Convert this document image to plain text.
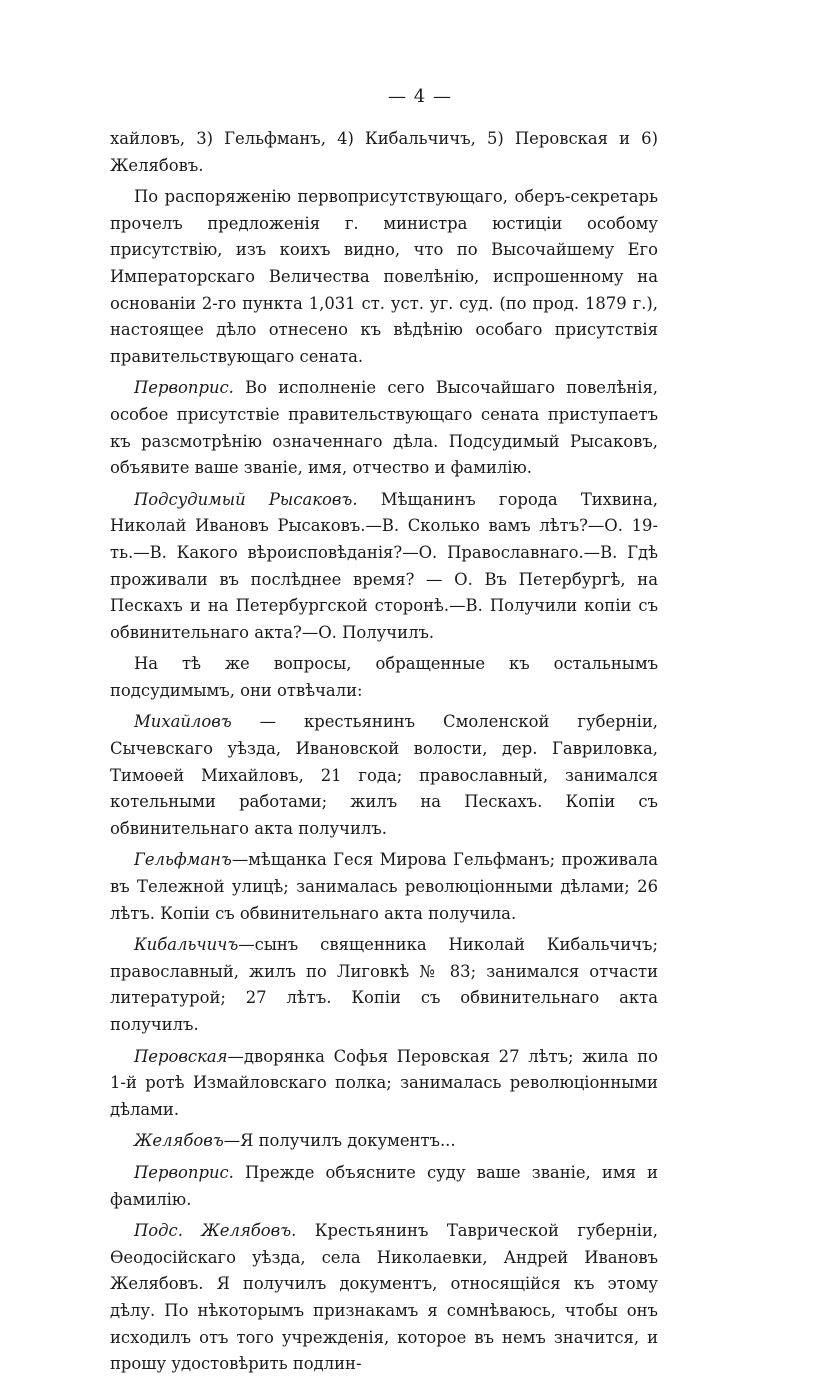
— 4 —

хайловъ, 3) Гельфманъ, 4) Кибальчичъ, 5) Перовская и 6) Желябовъ.

По распоряженію первоприсутствующаго, оберъ-секретарь прочелъ предложенія г. министра юстиціи особому присутствію, изъ коихъ видно, что по Высочайшему Его Императорскаго Величества повелѣнію, испрошенному на основаніи 2-го пункта 1,031 ст. уст. уг. суд. (по прод. 1879 г.), настоящее дѣло отнесено къ вѣдѣнію особаго присутствія правительствующаго сената.

Первоприс. Во исполненіе сего Высочайшаго повелѣнія, особое присутствіе правительствующаго сената приступаетъ къ разсмотрѣнію означеннаго дѣла. Подсудимый Рысаковъ, объявите ваше званіе, имя, отчество и фамилію.

Подсудимый Рысаковъ. Мѣщанинъ города Тихвина, Николай Ивановъ Рысаковъ.—В. Сколько вамъ лѣтъ?—О. 19-ть.—В. Какого вѣроисповѣданія?—О. Православнаго.—В. Гдѣ проживали въ послѣднее время? — О. Въ Петербургѣ, на Пескахъ и на Петербургской сторонѣ.—В. Получили копіи съ обвинительнаго акта?—О. Получилъ.

На тѣ же вопросы, обращенные къ остальнымъ подсудимымъ, они отвѣчали:

Михайловъ — крестьянинъ Смоленской губерніи, Сычевскаго уѣзда, Ивановской волости, дер. Гавриловка, Тимоѳей Михайловъ, 21 года; православный, занимался котельными работами; жилъ на Пескахъ. Копіи съ обвинительнаго акта получилъ.

Гельфманъ—мѣщанка Геся Мирова Гельфманъ; проживала въ Тележной улицѣ; занималась революціонными дѣлами; 26 лѣтъ. Копіи съ обвинительнаго акта получила.

Кибальчичъ—сынъ священника Николай Кибальчичъ; православный, жилъ по Лиговкѣ № 83; занимался отчасти литературой; 27 лѣтъ. Копіи съ обвинительнаго акта получилъ.

Перовская—дворянка Софья Перовская 27 лѣтъ; жила по 1-й ротѣ Измайловскаго полка; занималась революціонными дѣлами.

Желябовъ—Я получилъ документъ...

Первоприс. Прежде объясните суду ваше званіе, имя и фамилію.

Подс. Желябовъ. Крестьянинъ Таврической губерніи, Ѳеодосійскаго уѣзда, села Николаевки, Андрей Ивановъ Желябовъ. Я получилъ документъ, относящійся къ этому дѣлу. По нѣкоторымъ признакамъ я сомнѣваюсь, чтобы онъ исходилъ отъ того учрежденія, которое въ немъ значится, и прошу удостовѣрить подлин-
